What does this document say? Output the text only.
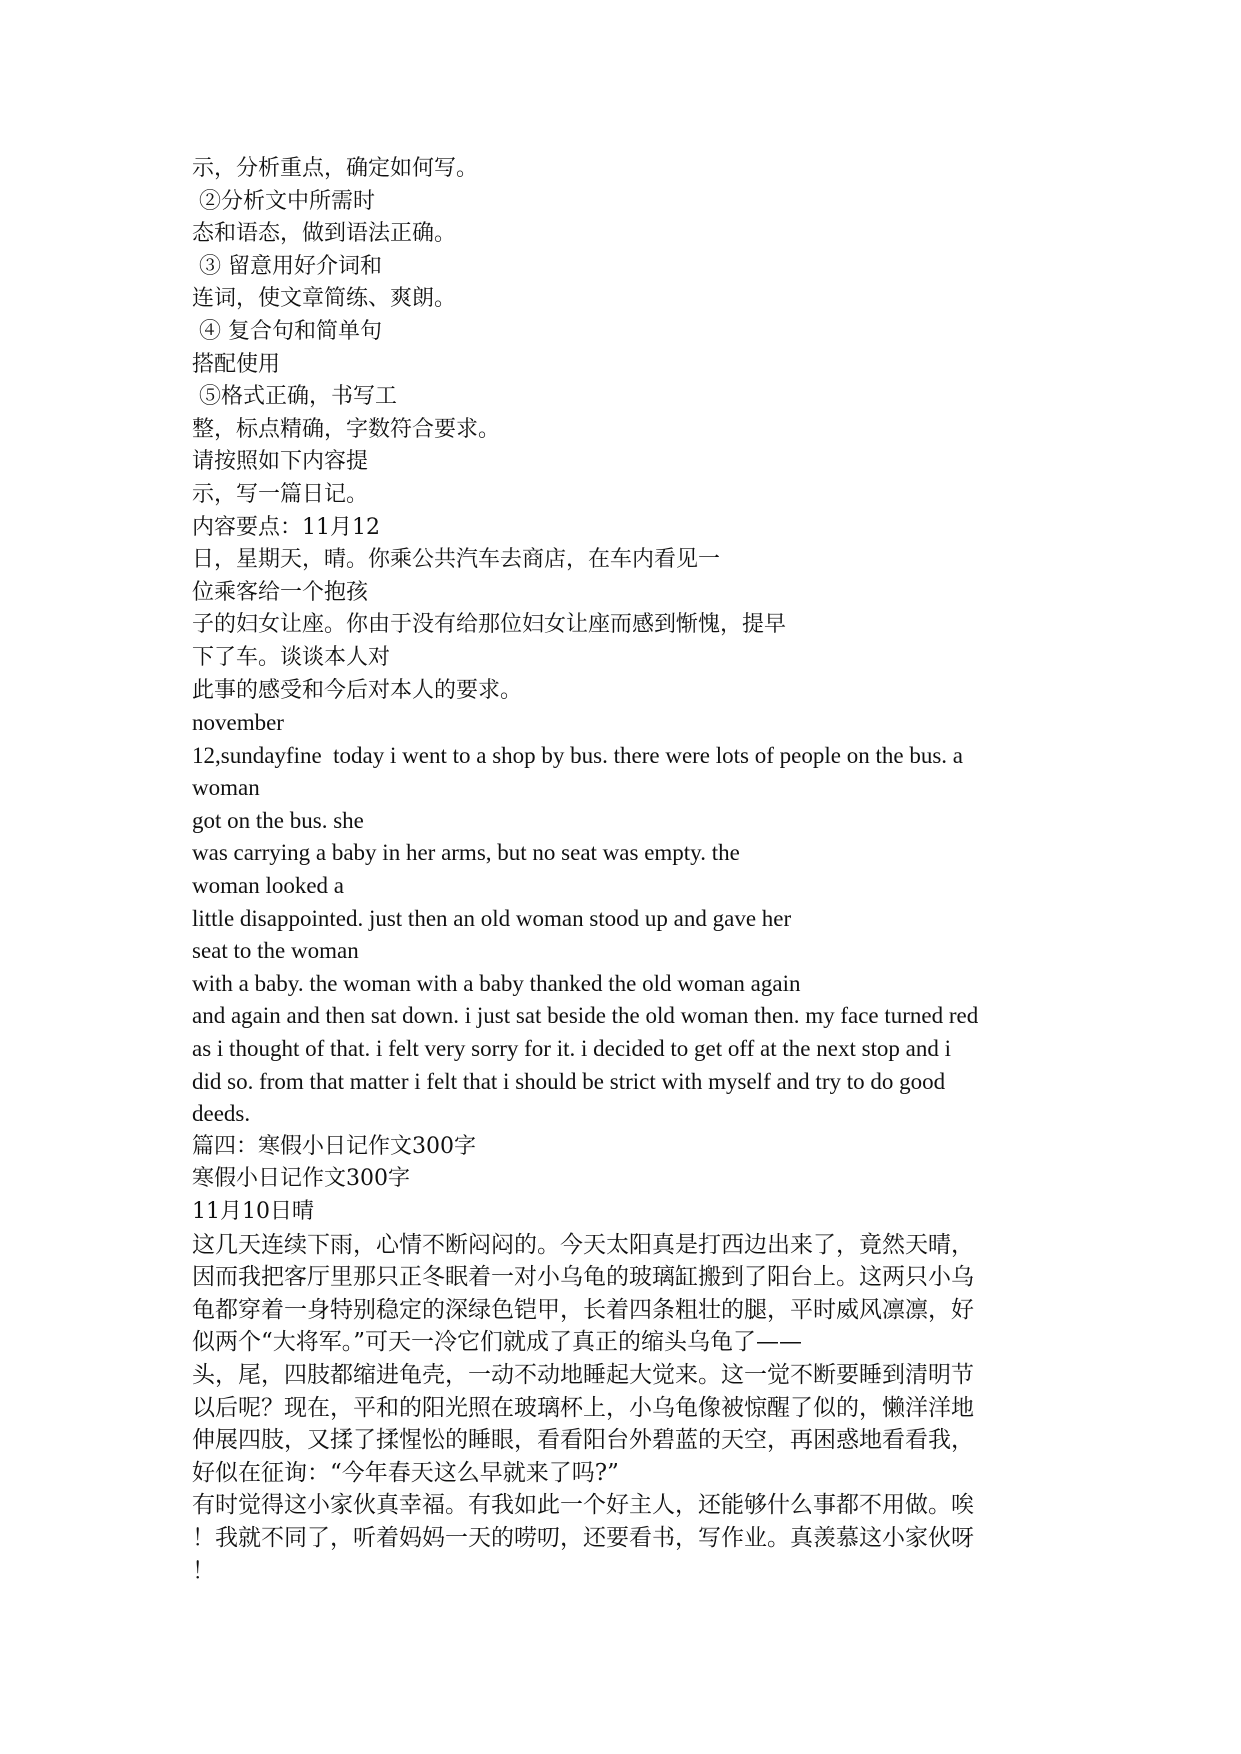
示，分析重点，确定如何写。
②分析文中所需时
态和语态，做到语法正确。
③ 留意用好介词和
连词，使文章简练、爽朗。
④ 复合句和简单句
搭配使用
⑤格式正确，书写工
整，标点精确，字数符合要求。
请按照如下内容提
示，写一篇日记。
内容要点：11月12
日，星期天，晴。你乘公共汽车去商店，在车内看见一
位乘客给一个抱孩
子的妇女让座。你由于没有给那位妇女让座而感到惭愧，提早
下了车。谈谈本人对
此事的感受和今后对本人的要求。
november
12,sundayfine  today i went to a shop by bus. there were lots of people on the bus. a
woman
got on the bus. she
was carrying a baby in her arms, but no seat was empty. the
woman looked a
little disappointed. just then an old woman stood up and gave her
seat to the woman
with a baby. the woman with a baby thanked the old woman again
and again and then sat down. i just sat beside the old woman then. my face turned red
as i thought of that. i felt very sorry for it. i decided to get off at the next stop and i
did so. from that matter i felt that i should be strict with myself and try to do good
deeds.
篇四：寒假小日记作文300字
寒假小日记作文300字
11月10日晴
这几天连续下雨，心情不断闷闷的。今天太阳真是打西边出来了，竟然天晴，
因而我把客厅里那只正冬眠着一对小乌龟的玻璃缸搬到了阳台上。这两只小乌
龟都穿着一身特别稳定的深绿色铠甲，长着四条粗壮的腿，平时威风凛凛，好
似两个“大将军。”可天一冷它们就成了真正的缩头乌龟了——
头，尾，四肢都缩进龟壳，一动不动地睡起大觉来。这一觉不断要睡到清明节
以后呢？现在，平和的阳光照在玻璃杯上，小乌龟像被惊醒了似的，懒洋洋地
伸展四肢，又揉了揉惺忪的睡眼，看看阳台外碧蓝的天空，再困惑地看看我，
好似在征询：“今年春天这么早就来了吗?”
有时觉得这小家伙真幸福。有我如此一个好主人，还能够什么事都不用做。唉
！我就不同了，听着妈妈一天的唠叨，还要看书，写作业。真羡慕这小家伙呀
！
